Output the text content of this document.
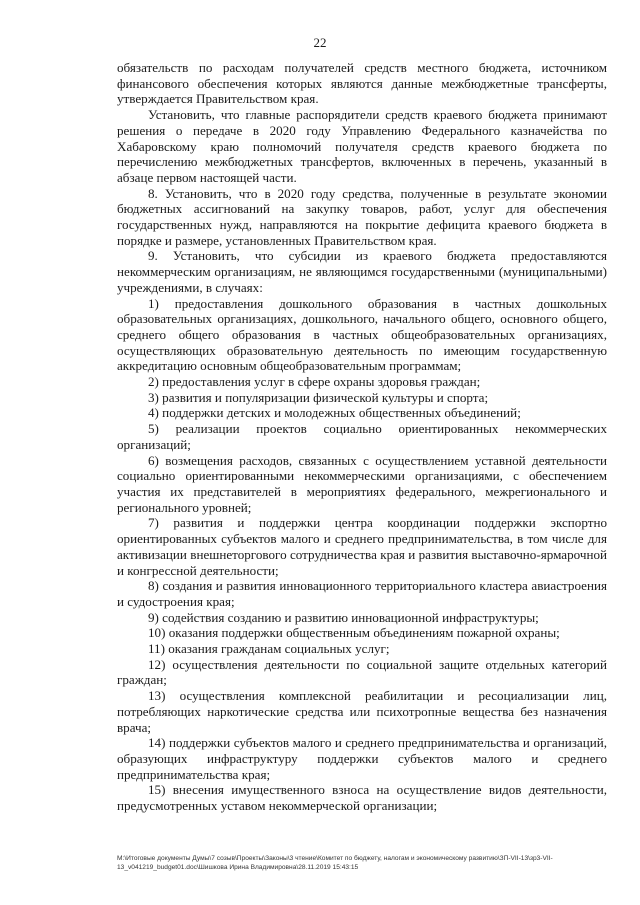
22

обязательств по расходам получателей средств местного бюджета, источником финансового обеспечения которых являются данные межбюджетные трансферты, утверждается Правительством края.

Установить, что главные распорядители средств краевого бюджета принимают решения о передаче в 2020 году Управлению Федерального казначейства по Хабаровскому краю полномочий получателя средств краевого бюджета по перечислению межбюджетных трансфертов, включенных в перечень, указанный в абзаце первом настоящей части.

8. Установить, что в 2020 году средства, полученные в результате экономии бюджетных ассигнований на закупку товаров, работ, услуг для обеспечения государственных нужд, направляются на покрытие дефицита краевого бюджета в порядке и размере, установленных Правительством края.

9. Установить, что субсидии из краевого бюджета предоставляются некоммерческим организациям, не являющимся государственными (муниципальными) учреждениями, в случаях:

1) предоставления дошкольного образования в частных дошкольных образовательных организациях, дошкольного, начального общего, основного общего, среднего общего образования в частных общеобразовательных организациях, осуществляющих образовательную деятельность по имеющим государственную аккредитацию основным общеобразовательным программам;

2) предоставления услуг в сфере охраны здоровья граждан;

3) развития и популяризации физической культуры и спорта;

4) поддержки детских и молодежных общественных объединений;

5) реализации проектов социально ориентированных некоммерческих организаций;

6) возмещения расходов, связанных с осуществлением уставной деятельности социально ориентированными некоммерческими организациями, с обеспечением участия их представителей в мероприятиях федерального, межрегионального и регионального уровней;

7) развития и поддержки центра координации поддержки экспортно ориентированных субъектов малого и среднего предпринимательства, в том числе для активизации внешнеторгового сотрудничества края и развития выставочно-ярмарочной и конгрессной деятельности;

8) создания и развития инновационного территориального кластера авиастроения и судостроения края;

9) содействия созданию и развитию инновационной инфраструктуры;

10) оказания поддержки общественным объединениям пожарной охраны;

11) оказания гражданам социальных услуг;

12) осуществления деятельности по социальной защите отдельных категорий граждан;

13) осуществления комплексной реабилитации и ресоциализации лиц, потребляющих наркотические средства или психотропные вещества без назначения врача;

14) поддержки субъектов малого и среднего предпринимательства и организаций, образующих инфраструктуру поддержки субъектов малого и среднего предпринимательства края;

15) внесения имущественного взноса на осуществление видов деятельности, предусмотренных уставом некоммерческой организации;

M:\Итоговые документы Думы\7 созыв\Проекты\Законы\3 чтение\Комитет по бюджету, налогам и экономическому развитию\ЗП-VII-13\зр3-VII-
13_v041219_budget01.doc\Шишкова Ирина Владимировна\28.11.2019 15:43:15
